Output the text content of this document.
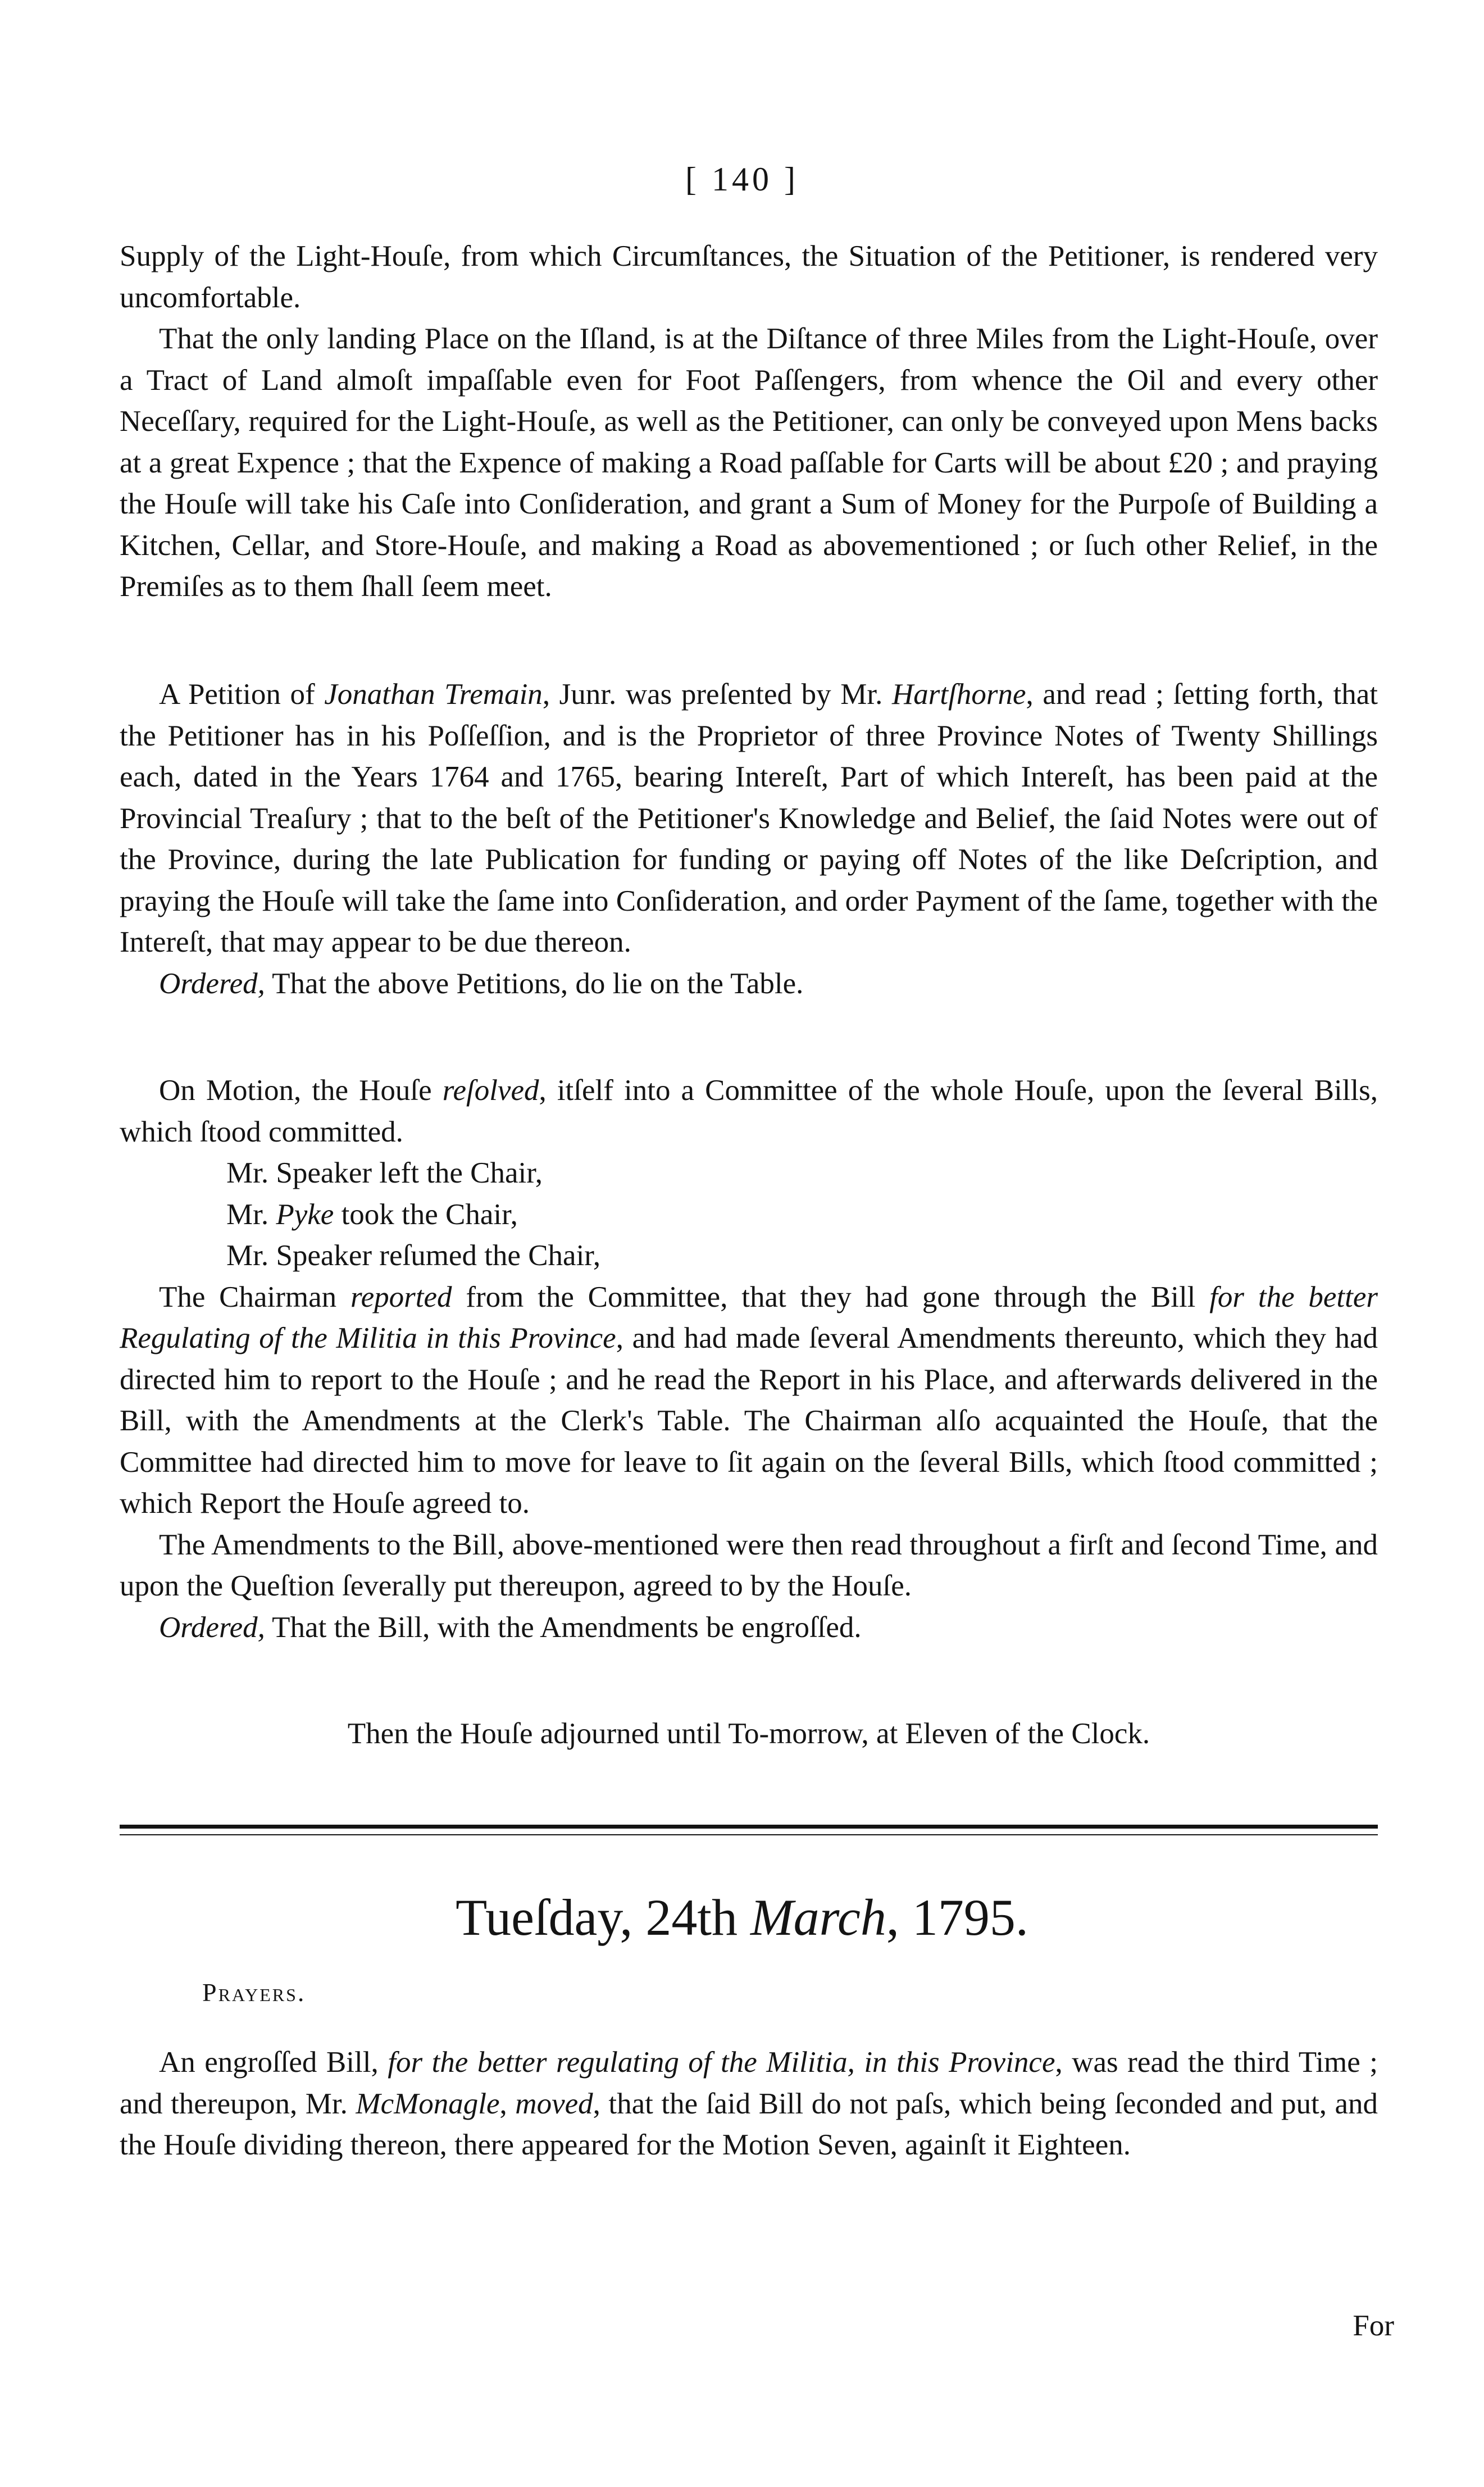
[ 140 ]

Supply of the Light-Houſe, from which Circumſtances, the Situation of the Petitioner, is rendered very uncomfortable.

That the only landing Place on the Iſland, is at the Diſtance of three Miles from the Light-Houſe, over a Tract of Land almoſt impaſſable even for Foot Paſſengers, from whence the Oil and every other Neceſſary, required for the Light-Houſe, as well as the Petitioner, can only be conveyed upon Mens backs at a great Expence ; that the Expence of making a Road paſſable for Carts will be about £20 ; and praying the Houſe will take his Caſe into Conſideration, and grant a Sum of Money for the Purpoſe of Building a Kitchen, Cellar, and Store-Houſe, and making a Road as abovementioned ; or ſuch other Relief, in the Premiſes as to them ſhall ſeem meet.

A Petition of Jonathan Tremain, Junr. was preſented by Mr. Hartſhorne, and read ; ſetting forth, that the Petitioner has in his Poſſeſſion, and is the Proprietor of three Province Notes of Twenty Shillings each, dated in the Years 1764 and 1765, bearing Intereſt, Part of which Intereſt, has been paid at the Provincial Treaſury ; that to the beſt of the Petitioner's Knowledge and Belief, the ſaid Notes were out of the Province, during the late Publication for funding or paying off Notes of the like Deſcription, and praying the Houſe will take the ſame into Conſideration, and order Payment of the ſame, together with the Intereſt, that may appear to be due thereon.

Ordered, That the above Petitions, do lie on the Table.

On Motion, the Houſe reſolved, itſelf into a Committee of the whole Houſe, upon the ſeveral Bills, which ſtood committed.

Mr. Speaker left the Chair,

Mr. Pyke took the Chair,

Mr. Speaker reſumed the Chair,

The Chairman reported from the Committee, that they had gone through the Bill for the better Regulating of the Militia in this Province, and had made ſeveral Amendments thereunto, which they had directed him to report to the Houſe ; and he read the Report in his Place, and afterwards delivered in the Bill, with the Amendments at the Clerk's Table. The Chairman alſo acquainted the Houſe, that the Committee had directed him to move for leave to ſit again on the ſeveral Bills, which ſtood committed ; which Report the Houſe agreed to.

The Amendments to the Bill, above-mentioned were then read throughout a firſt and ſecond Time, and upon the Queſtion ſeverally put thereupon, agreed to by the Houſe.

Ordered, That the Bill, with the Amendments be engroſſed.

Then the Houſe adjourned until To-morrow, at Eleven of the Clock.

Tueſday, 24th March, 1795.
Prayers.

An engroſſed Bill, for the better regulating of the Militia, in this Province, was read the third Time ; and thereupon, Mr. McMonagle, moved, that the ſaid Bill do not paſs, which being ſeconded and put, and the Houſe dividing thereon, there appeared for the Motion Seven, againſt it Eighteen.

For
